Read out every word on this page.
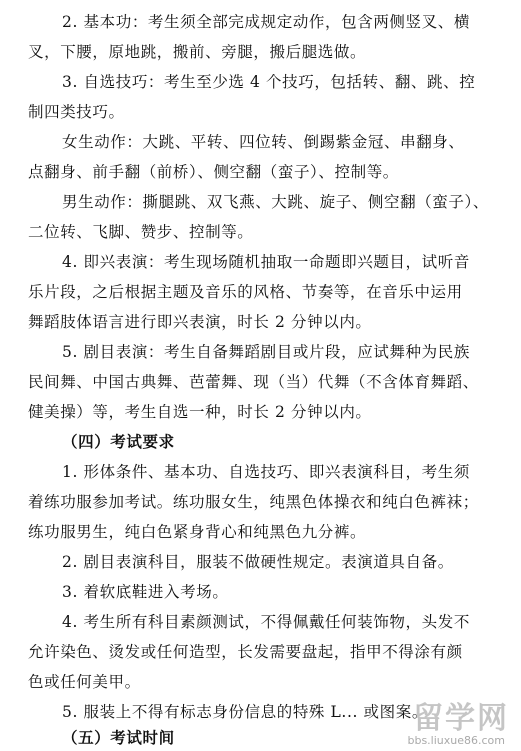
2. 基本功：考生须全部完成规定动作，包含两侧竖叉、横
叉，下腰，原地跳，搬前、旁腿，搬后腿选做。
3. 自选技巧：考生至少选 4 个技巧，包括转、翻、跳、控
制四类技巧。
女生动作：大跳、平转、四位转、倒踢紫金冠、串翻身、
点翻身、前手翻（前桥）、侧空翻（蛮子）、控制等。
男生动作：撕腿跳、双飞燕、大跳、旋子、侧空翻（蛮子）、
二位转、飞脚、赞步、控制等。
4. 即兴表演：考生现场随机抽取一命题即兴题目，试听音
乐片段，之后根据主题及音乐的风格、节奏等，在音乐中运用
舞蹈肢体语言进行即兴表演，时长 2 分钟以内。
5. 剧目表演：考生自备舞蹈剧目或片段，应试舞种为民族
民间舞、中国古典舞、芭蕾舞、现（当）代舞（不含体育舞蹈、
健美操）等，考生自选一种，时长 2 分钟以内。
（四）考试要求
1. 形体条件、基本功、自选技巧、即兴表演科目，考生须
着练功服参加考试。练功服女生，纯黑色体操衣和纯白色裤袜；
练功服男生，纯白色紧身背心和纯黑色九分裤。
2. 剧目表演科目，服装不做硬性规定。表演道具自备。
3. 着软底鞋进入考场。
4. 考生所有科目素颜测试，不得佩戴任何装饰物，头发不
允许染色、烫发或任何造型，长发需要盘起，指甲不得涂有颜
色或任何美甲。
5. 服装上不得有标志身份信息的特殊 L... 或图案。
（五）考试时间
留学网
bbs.liuxue86.com
